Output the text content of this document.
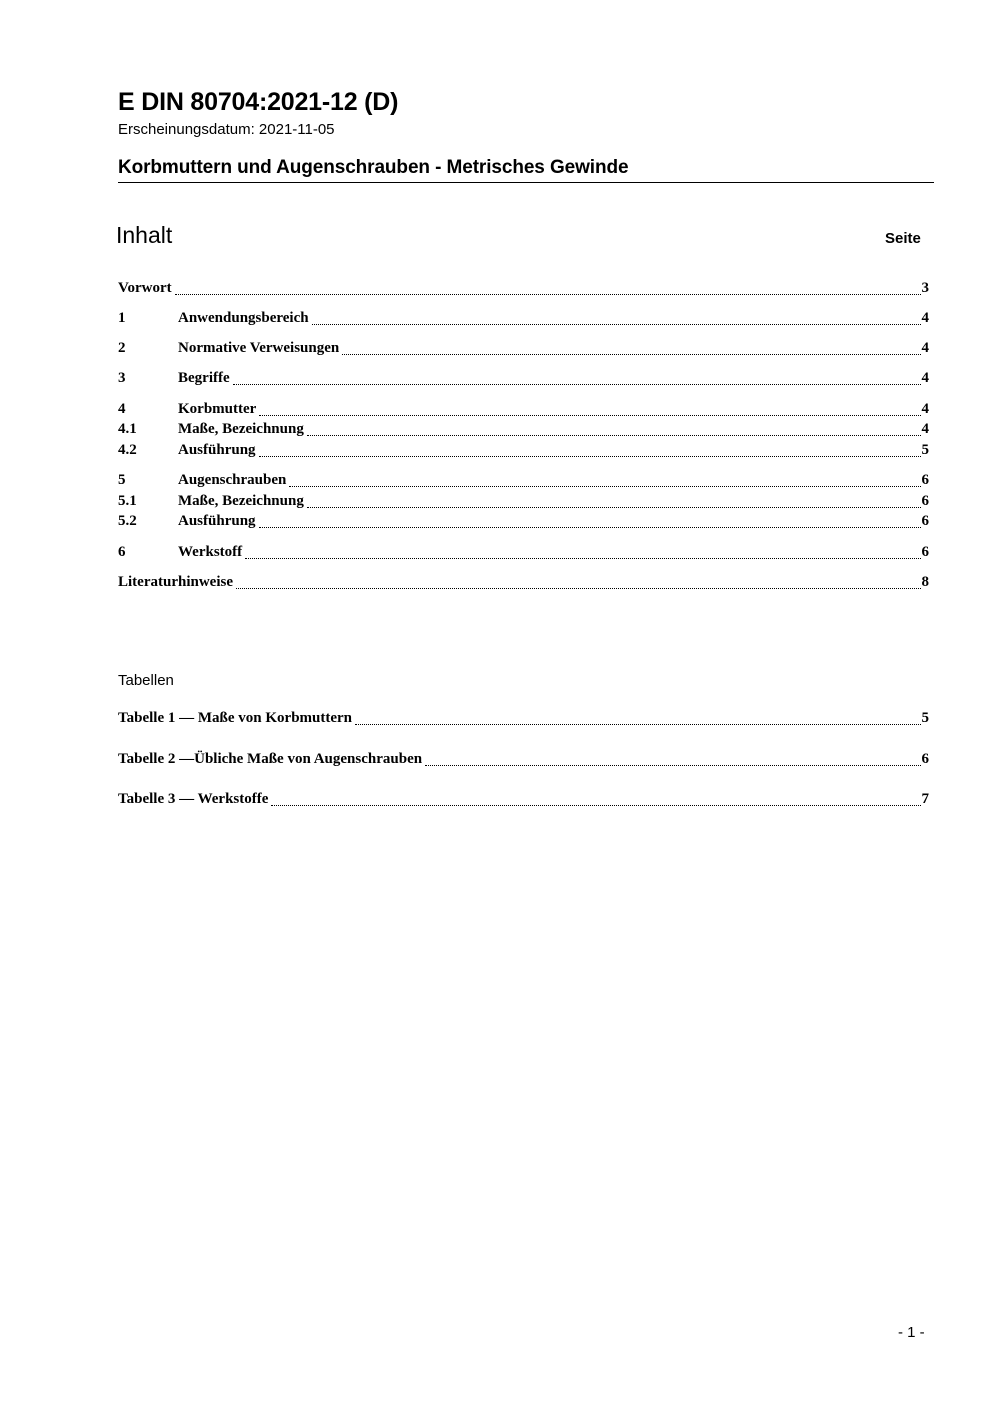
E DIN 80704:2021-12 (D)
Erscheinungsdatum: 2021-11-05
Korbmuttern und Augenschrauben - Metrisches Gewinde
Inhalt	Seite
Vorwort	3
1	Anwendungsbereich	4
2	Normative Verweisungen	4
3	Begriffe	4
4	Korbmutter	4
4.1	Maße, Bezeichnung	4
4.2	Ausführung	5
5	Augenschrauben	6
5.1	Maße, Bezeichnung	6
5.2	Ausführung	6
6	Werkstoff	6
Literaturhinweise	8
Tabellen
Tabelle 1 — Maße von Korbmuttern	5
Tabelle 2 —Übliche Maße von Augenschrauben	6
Tabelle 3 — Werkstoffe	7
- 1 -
